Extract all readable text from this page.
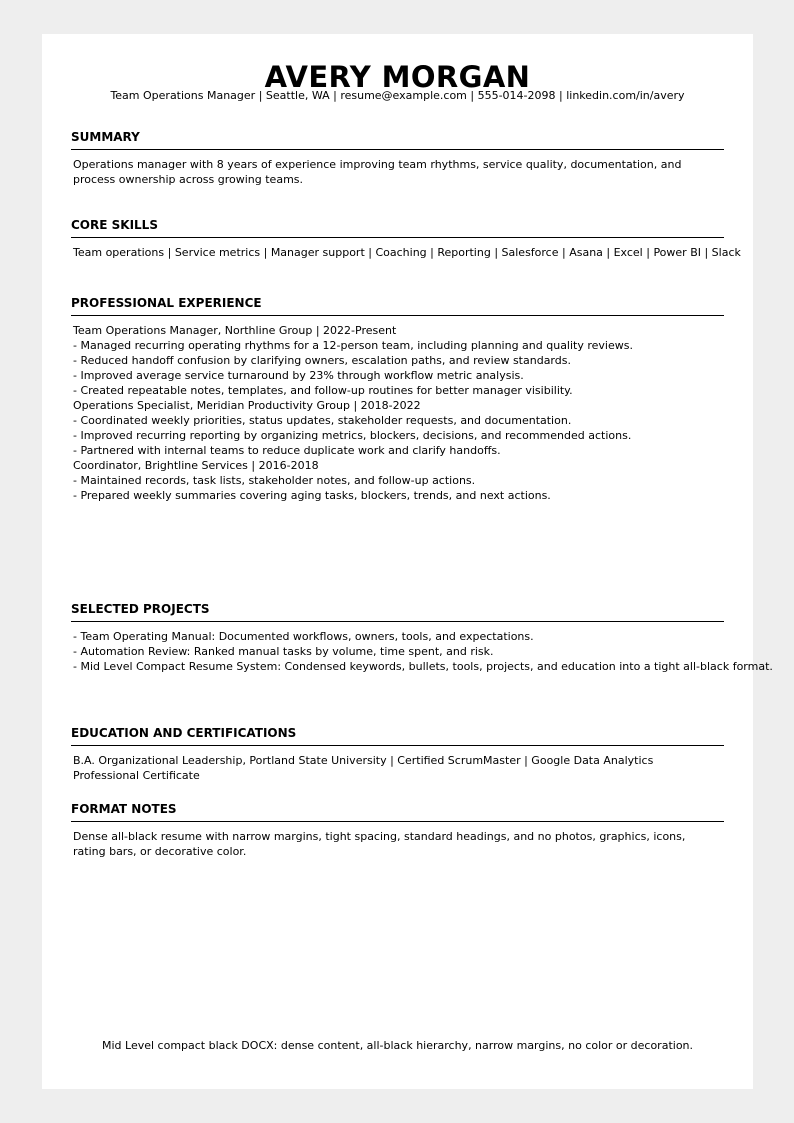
AVERY MORGAN
Team Operations Manager | Seattle, WA | resume@example.com | 555-014-2098 | linkedin.com/in/avery
SUMMARY
Operations manager with 8 years of experience improving team rhythms, service quality, documentation, and process ownership across growing teams.
CORE SKILLS
Team operations | Service metrics | Manager support | Coaching | Reporting | Salesforce | Asana | Excel | Power BI | Slack
PROFESSIONAL EXPERIENCE
Team Operations Manager, Northline Group | 2022-Present
- Managed recurring operating rhythms for a 12-person team, including planning and quality reviews.
- Reduced handoff confusion by clarifying owners, escalation paths, and review standards.
- Improved average service turnaround by 23% through workflow metric analysis.
- Created repeatable notes, templates, and follow-up routines for better manager visibility.
Operations Specialist, Meridian Productivity Group | 2018-2022
- Coordinated weekly priorities, status updates, stakeholder requests, and documentation.
- Improved recurring reporting by organizing metrics, blockers, decisions, and recommended actions.
- Partnered with internal teams to reduce duplicate work and clarify handoffs.
Coordinator, Brightline Services | 2016-2018
- Maintained records, task lists, stakeholder notes, and follow-up actions.
- Prepared weekly summaries covering aging tasks, blockers, trends, and next actions.
SELECTED PROJECTS
- Team Operating Manual: Documented workflows, owners, tools, and expectations.
- Automation Review: Ranked manual tasks by volume, time spent, and risk.
- Mid Level Compact Resume System: Condensed keywords, bullets, tools, projects, and education into a tight all-black format.
EDUCATION AND CERTIFICATIONS
B.A. Organizational Leadership, Portland State University | Certified ScrumMaster | Google Data Analytics Professional Certificate
FORMAT NOTES
Dense all-black resume with narrow margins, tight spacing, standard headings, and no photos, graphics, icons, rating bars, or decorative color.
Mid Level compact black DOCX: dense content, all-black hierarchy, narrow margins, no color or decoration.
